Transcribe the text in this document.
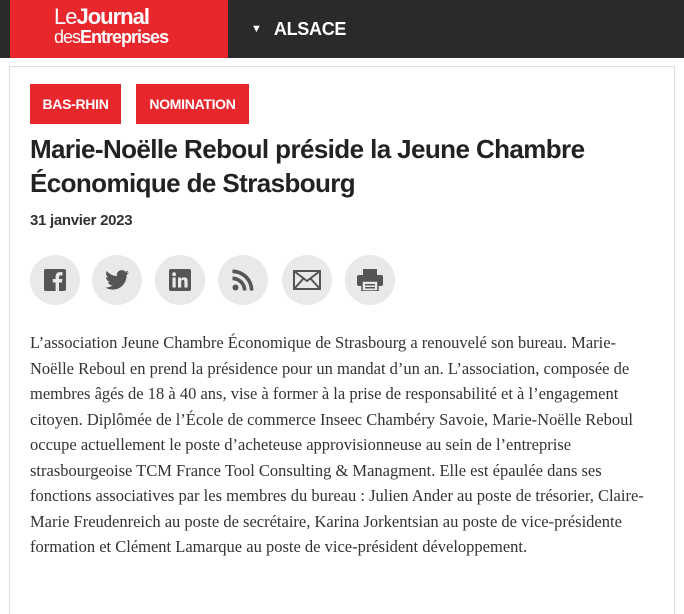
LeJournal
desEntreprises	▼ ALSACE
BAS-RHIN	NOMINATION
Marie-Noëlle Reboul préside la Jeune Chambre Économique de Strasbourg
31 janvier 2023

L’association Jeune Chambre Économique de Strasbourg a renouvelé son bureau. Marie-Noëlle Reboul en prend la présidence pour un mandat d’un an. L’association, composée de membres âgés de 18 à 40 ans, vise à former à la prise de responsabilité et à l’engagement citoyen. Diplômée de l’École de commerce Inseec Chambéry Savoie, Marie-Noëlle Reboul occupe actuellement le poste d’acheteuse approvisionneuse au sein de l’entreprise strasbourgeoise TCM France Tool Consulting & Managment. Elle est épaulée dans ses fonctions associatives par les membres du bureau : Julien Ander au poste de trésorier, Claire-Marie Freudenreich au poste de secrétaire, Karina Jorkentsian au poste de vice-présidente formation et Clément Lamarque au poste de vice-président développement.
